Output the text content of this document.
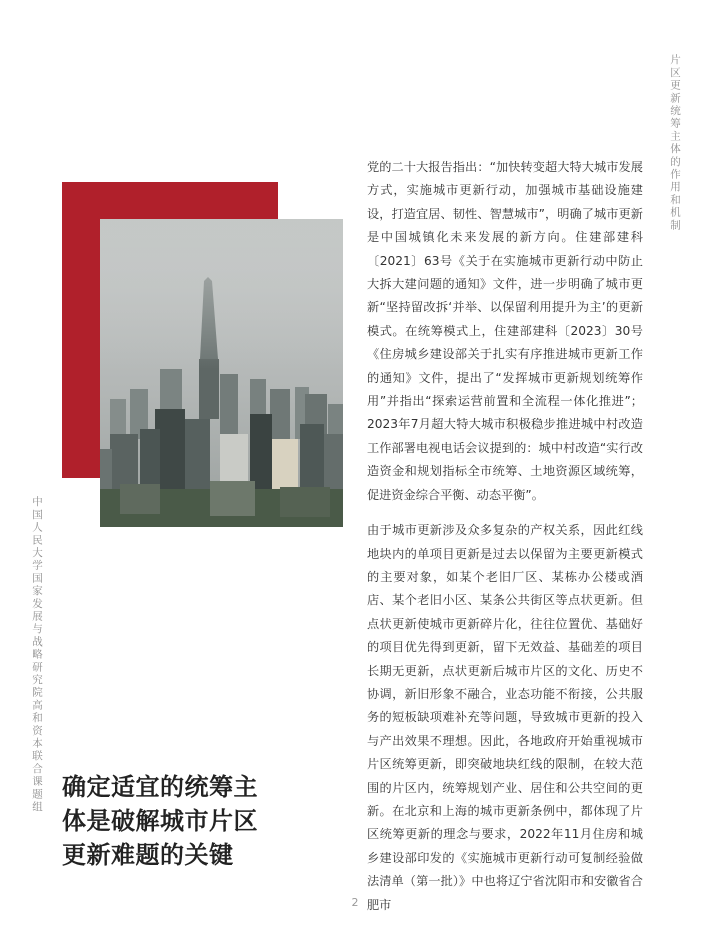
片区更新统筹主体的作用和机制
中国人民大学国家发展与战略研究院高和资本联合课题组

党的二十大报告指出：“加快转变超大特大城市发展方式，实施城市更新行动，加强城市基础设施建设，打造宜居、韧性、智慧城市”，明确了城市更新是中国城镇化未来发展的新方向。住建部建科〔2021〕63号《关于在实施城市更新行动中防止大拆大建问题的通知》文件，进一步明确了城市更新“坚持留改拆‘并举、以保留利用提升为主’的更新模式。在统筹模式上，住建部建科〔2023〕30号《住房城乡建设部关于扎实有序推进城市更新工作的通知》文件，提出了“发挥城市更新规划统筹作用”并指出“探索运营前置和全流程一体化推进”；2023年7月超大特大城市积极稳步推进城中村改造工作部署电视电话会议提到的：城中村改造“实行改造资金和规划指标全市统筹、土地资源区域统筹，促进资金综合平衡、动态平衡”。

由于城市更新涉及众多复杂的产权关系，因此红线地块内的单项目更新是过去以保留为主要更新模式的主要对象，如某个老旧厂区、某栋办公楼或酒店、某个老旧小区、某条公共街区等点状更新。但点状更新使城市更新碎片化，往往位置优、基础好的项目优先得到更新，留下无效益、基础差的项目长期无更新，点状更新后城市片区的文化、历史不协调，新旧形象不融合，业态功能不衔接，公共服务的短板缺项难补充等问题，导致城市更新的投入与产出效果不理想。因此，各地政府开始重视城市片区统筹更新，即突破地块红线的限制，在较大范围的片区内，统筹规划产业、居住和公共空间的更新。在北京和上海的城市更新条例中，都体现了片区统筹更新的理念与要求，2022年11月住房和城乡建设部印发的《实施城市更新行动可复制经验做法清单（第一批）》中也将辽宁省沈阳市和安徽省合肥市

确定适宜的统筹主
体是破解城市片区
更新难题的关键
2
